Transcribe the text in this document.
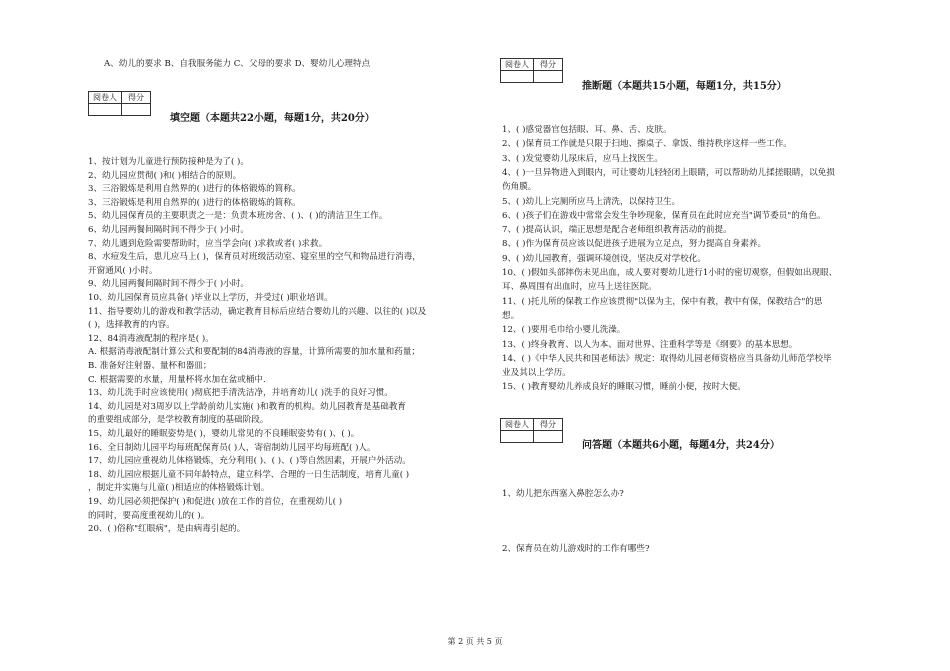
A、幼儿的要求 B、自我服务能力 C、父母的要求 D、婴幼儿心理特点
阅卷人	得分

填空题（本题共22小题，每题1分，共20分）
1、按计划为儿童进行预防接种是为了( )。
2、幼儿园应贯彻( )和( )相结合的原则。
3、三浴锻炼是利用自然界的( )进行的体格锻炼的简称。
3、三浴锻炼是利用自然界的( )进行的体格锻炼的简称。
5、幼儿园保育员的主要职责之一是：负责本班房舍、( )、( )的清洁卫生工作。
6、幼儿园两餐间隔时间不得少于( )小时。
7、幼儿遇到危险需要帮助时，应当学会向( )求救或者( )求救。
8、水痘发生后，患儿应马上( )，保育员对班级活动室、寝室里的空气和物品进行消毒，
开窗通风( )小时。
9、幼儿园两餐间隔时间不得少于( )小时。
10、幼儿园保育员应具备( )毕业以上学历，并受过( )职业培训。
11、指导婴幼儿的游戏和教学活动，确定教育目标后应结合婴幼儿的兴趣、以往的( )以及
( )，选择教育的内容。
12、84消毒液配制的程序是( )。
A. 根据消毒液配制计算公式和要配制的84消毒液的容量，计算所需要的加水量和药量；
B. 准备好注射器、量杯和器皿；
C. 根据需要的水量，用量杯将水加在盆或桶中.
13、幼儿洗手时应该使用( )彻底把手清洗洁净，并培育幼儿( )洗手的良好习惯。
14、幼儿园是对3周岁以上学龄前幼儿实施( )和教育的机构。幼儿园教育是基础教育
的重要组成部分，是学校教育制度的基础阶段。
15、幼儿最好的睡眠姿势是( )，婴幼儿常见的不良睡眠姿势有( )、( )。
16、全日制幼儿园平均每班配保育员( )人，寄宿制幼儿园平均每班配( )人。
17、幼儿园应重视幼儿体格锻炼，充分利用( )、( )、( )等自然因素，开展户外活动。
18、幼儿园应根据儿童不同年龄特点，建立科学、合理的一日生活制度，培育儿童( )
，制定并实施与儿童( )相适应的体格锻炼计划。
19、幼儿园必须把保护( )和促进( )放在工作的首位，在重视幼儿( )
的同时，要高度重视幼儿的( )。
20、( )俗称"红眼病"，是由病毒引起的。
阅卷人	得分

推断题（本题共15小题，每题1分，共15分）
1、( )感觉器官包括眼、耳、鼻、舌、皮肤。
2、( )保育员工作就是只限于扫地、擦桌子、拿饭、维持秩序这样一些工作。
3、( )发觉婴幼儿尿床后，应马上找医生。
4、( )一旦异物进入到眼内，可让婴幼儿轻轻闭上眼睛，可以帮助幼儿揉搓眼睛，以免损
伤角膜。
5、( )幼儿上完厕所应马上清洗，以保持卫生。
6、( )孩子们在游戏中常常会发生争吵现象，保育员在此时应充当"调节委员"的角色。
7、( )提高认识，端正思想是配合老师组织教育活动的前提。
8、( )作为保育员应该以促进孩子进展为立足点，努力提高自身素养。
9、( )幼儿园教育，强调环境创设，坚决反对学校化。
10、( )假如头部摔伤未见出血，成人要对婴幼儿进行1小时的密切观察，但假如出现眼、
耳、鼻周围有出血时，应马上送往医院。
11、( )托儿所的保教工作应该贯彻"以保为主，保中有教，教中有保，保教结合"的思
想。
12、( )要用毛巾给小婴儿洗澡。
13、( )终身教育、以人为本、面对世界、注重科学等是《纲要》的基本思想。
14、( )《中华人民共和国老师法》规定：取得幼儿园老师资格应当具备幼儿师范学校毕
业及其以上学历。
15、( )教育婴幼儿养成良好的睡眠习惯，睡前小便，按时大便。
阅卷人	得分

问答题（本题共6小题，每题4分，共24分）
1、幼儿把东西塞入鼻腔怎么办?
2、保育员在幼儿游戏时的工作有哪些?
第 2 页 共 5 页
